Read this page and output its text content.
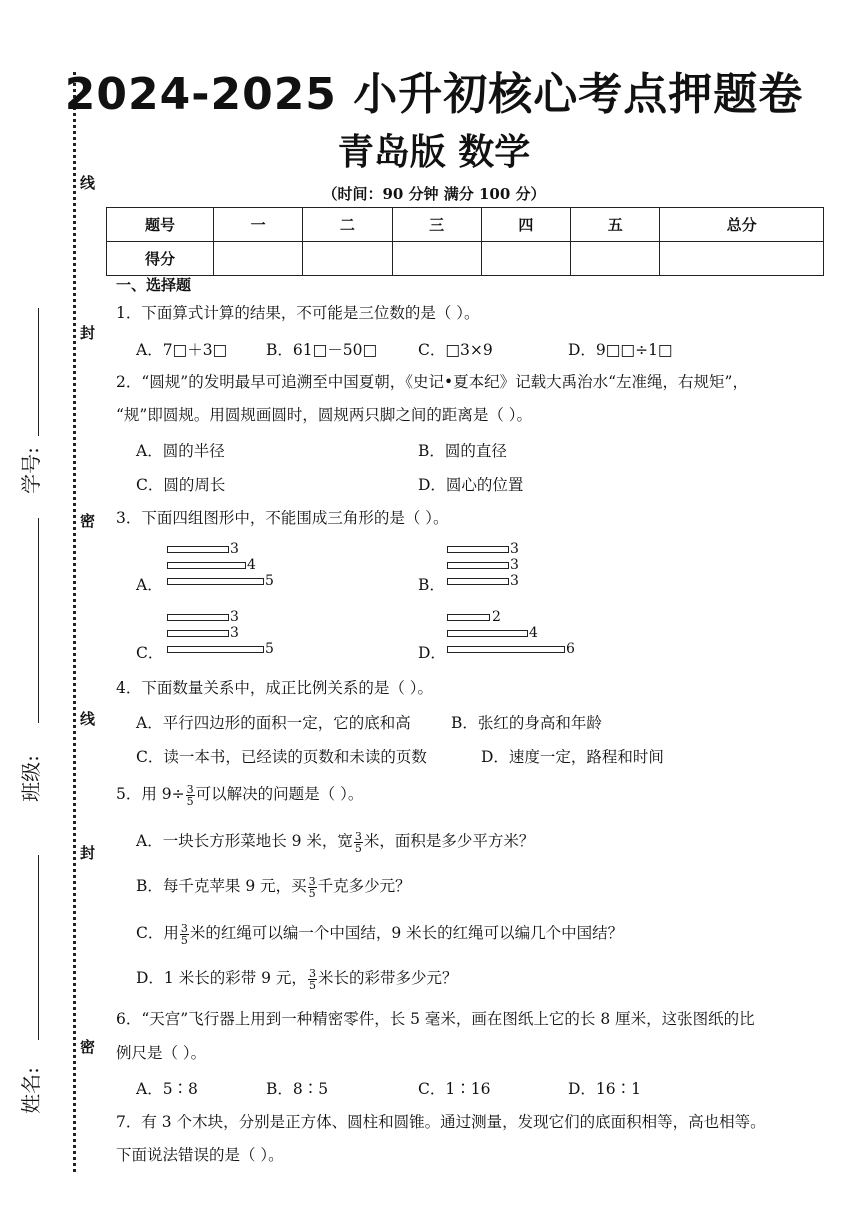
线
封
密
线
封
密
学号:
班级:
姓名:
2024-2025 小升初核心考点押题卷
青岛版 数学
（时间：90 分钟 满分 100 分）
题号	一	二	三	四	五	总分
得分						
一、选择题
1．下面算式计算的结果，不可能是三位数的是（ ）。
A．7□＋3□	B．61□－50□	C．□3×9	D．9□□÷1□
2．“圆规”的发明最早可追溯至中国夏朝，《史记•夏本纪》记载大禹治水“左准绳，右规矩”，
“规”即圆规。用圆规画圆时，圆规两只脚之间的距离是（ ）。
A．圆的半径	B．圆的直径
C．圆的周长	D．圆心的位置
3．下面四组图形中，不能围成三角形的是（ ）。
A．
3
4
5	B．
3
3
3
C．
3
3
5	D．
2
4
6
4．下面数量关系中，成正比例关系的是（ ）。
A．平行四边形的面积一定，它的底和高	B．张红的身高和年龄
C．读一本书，已经读的页数和未读的页数	D．速度一定，路程和时间
5．用 $9\div \frac{3}{5}$ 可以解决的问题是（ ）。
A．一块长方形菜地长 9 米，宽 $\frac{3}{5}$ 米，面积是多少平方米？
B．每千克苹果 9 元，买 $\frac{3}{5}$ 千克多少元？
C．用 $\frac{3}{5}$ 米的红绳可以编一个中国结，9 米长的红绳可以编几个中国结？
D．1 米长的彩带 9 元， $\frac{3}{5}$ 米长的彩带多少元？
6．“天宫”飞行器上用到一种精密零件，长 5 毫米，画在图纸上它的长 8 厘米，这张图纸的比
例尺是（ ）。
A．5∶8	B．8∶5	C．1∶16	D．16∶1
7．有 3 个木块，分别是正方体、圆柱和圆锥。通过测量，发现它们的底面积相等，高也相等。
下面说法错误的是（ ）。
